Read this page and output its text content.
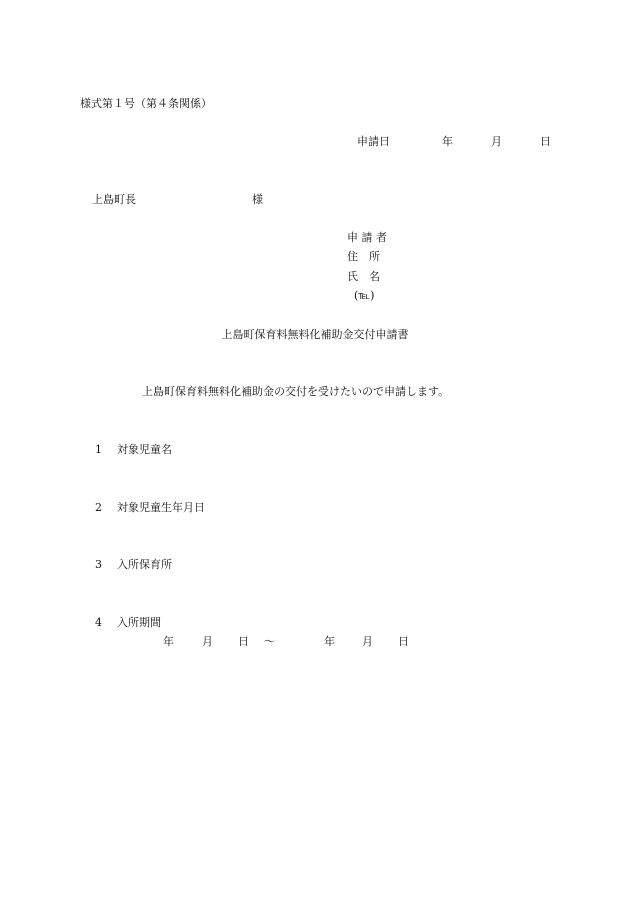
様式第１号（第４条関係）
申請日	年	月	日
上島町長	様
申 請 者
住　所
氏　名
(℡)
上島町保育料無料化補助金交付申請書
上島町保育料無料化補助金の交付を受けたいので申請します。
1 対象児童名
2 対象児童生年月日
3 入所保育所
4 入所期間
年	月 日 ～	年 月 日
